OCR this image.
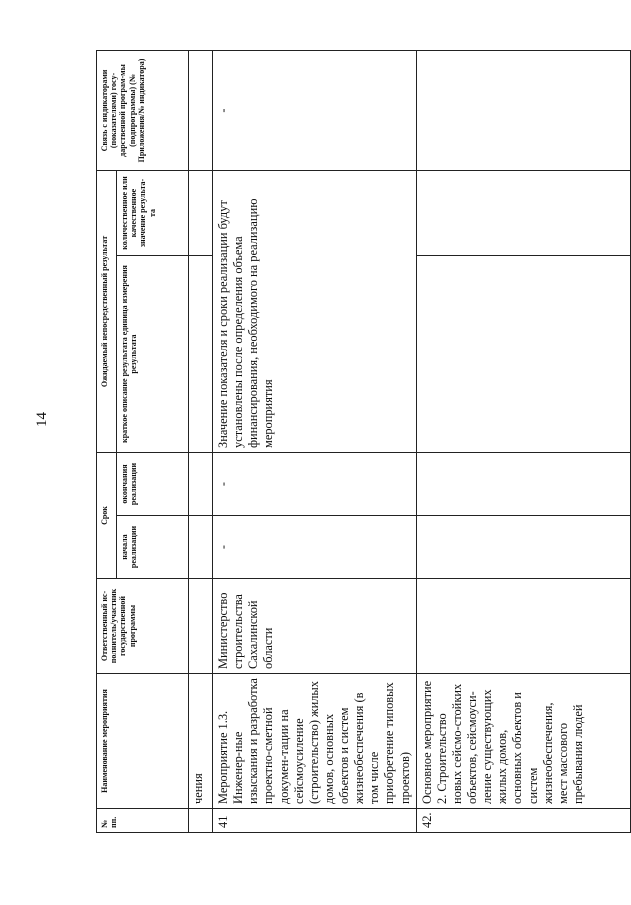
14
№ пп.	Наименование мероприятия	Ответственный ис-полнитель/участник государственной программы	Срок		Ожидаемый непосредственный результат		Связь с индикаторами (показателями) госу-дарственной програм-мы (подпрограммы) (№ Приложения/№ индикатора)
			начала реализации	окончания реализации	краткое описание результата единица измерения результата	количественное или качественное значение результа-та	

	чения						
41	Мероприятие 1.3. Инженер-ные изыскания и разработка проектно-сметной докумен-тации на сейсмоусиление (строительство) жилых домов, основных объектов и систем жизнеобеспечения (в том числе приобретение типовых проектов)	Министерство строительства Сахалинской области	-	-	Значение показателя и сроки реализации будут установлены после определения объема финансирования, необходимого на реализацию мероприятия		-
42.	Основное мероприятие 2. Строительство новых сейсмо-стойких объектов, сейсмоуси-ление существующих жилых домов, основных объектов и систем жизнеобеспечения, мест массового пребывания людей						
